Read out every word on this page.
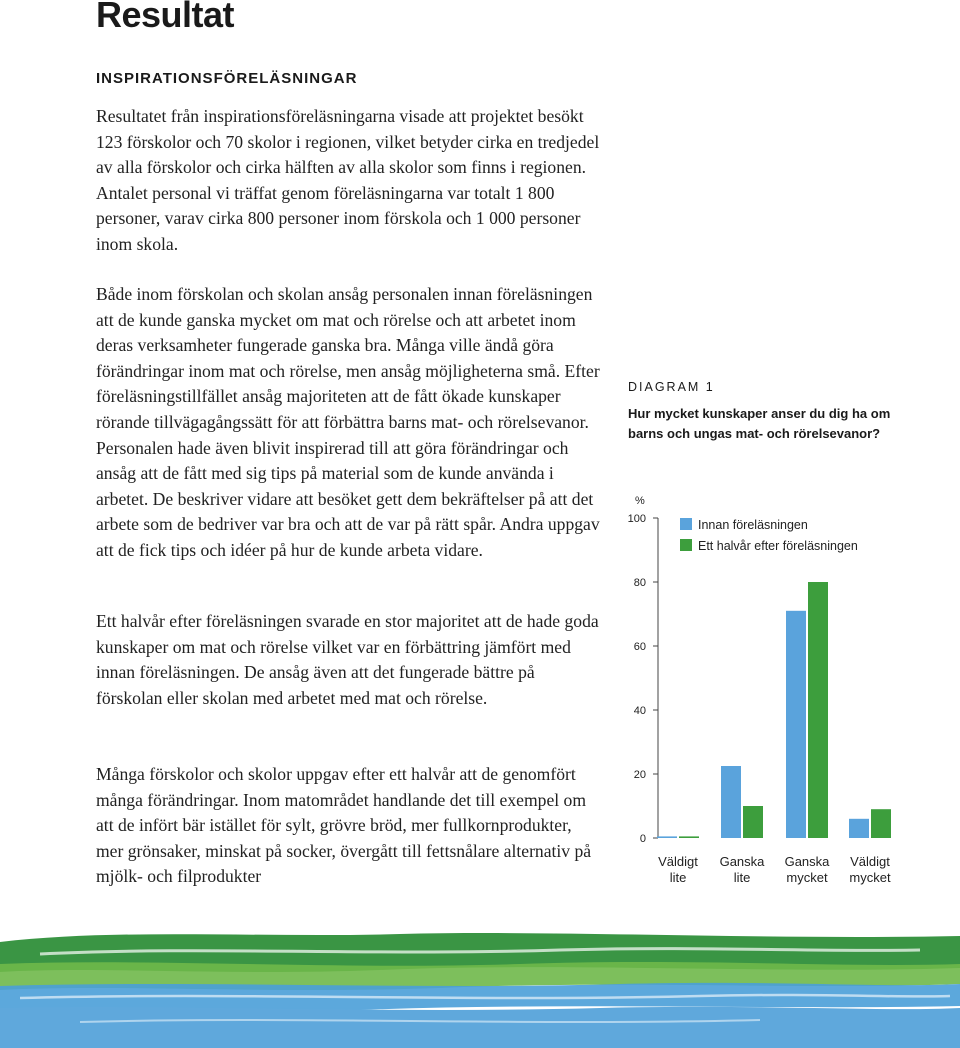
Resultat
INSPIRATIONSFÖRELÄSNINGAR

Resultatet från inspirationsföreläsningarna visade att projektet besökt 123 förskolor och 70 skolor i regionen, vilket betyder cirka en tredjedel av alla förskolor och cirka hälften av alla skolor som finns i regionen. Antalet personal vi träffat genom föreläsningarna var totalt 1 800 personer, varav cirka 800 personer inom förskola och 1 000 personer inom skola.

Både inom förskolan och skolan ansåg personalen innan föreläsningen att de kunde ganska mycket om mat och rörelse och att arbetet inom deras verksamheter fungerade ganska bra. Många ville ändå göra förändringar inom mat och rörelse, men ansåg möjligheterna små. Efter föreläsningstillfället ansåg majoriteten att de fått ökade kunskaper rörande tillvägagångssätt för att förbättra barns mat- och rörelsevanor. Personalen hade även blivit inspirerad till att göra förändringar och ansåg att de fått med sig tips på material som de kunde använda i arbetet. De beskriver vidare att besöket gett dem bekräftelser på att det arbete som de bedriver var bra och att de var på rätt spår. Andra uppgav att de fick tips och idéer på hur de kunde arbeta vidare.

Ett halvår efter föreläsningen svarade en stor majoritet att de hade goda kunskaper om mat och rörelse vilket var en förbättring jämfört med innan föreläsningen. De ansåg även att det fungerade bättre på förskolan eller skolan med arbetet med mat och rörelse.

Många förskolor och skolor uppgav efter ett halvår att de genomfört många förändringar. Inom matområdet handlande det till exempel om att de infört bär istället för sylt, grövre bröd, mer fullkornprodukter, mer grönsaker, minskat på socker, övergått till fettsnålare alternativ på mjölk- och filprodukter

DIAGRAM 1
Hur mycket kunskaper anser du dig ha om barns och ungas mat- och rörelsevanor?
%
0
20
40
60
80
100
Väldigt
lite
Ganska
lite
Ganska
mycket
Väldigt
mycket
Innan föreläsningen
Ett halvår efter föreläsningen
